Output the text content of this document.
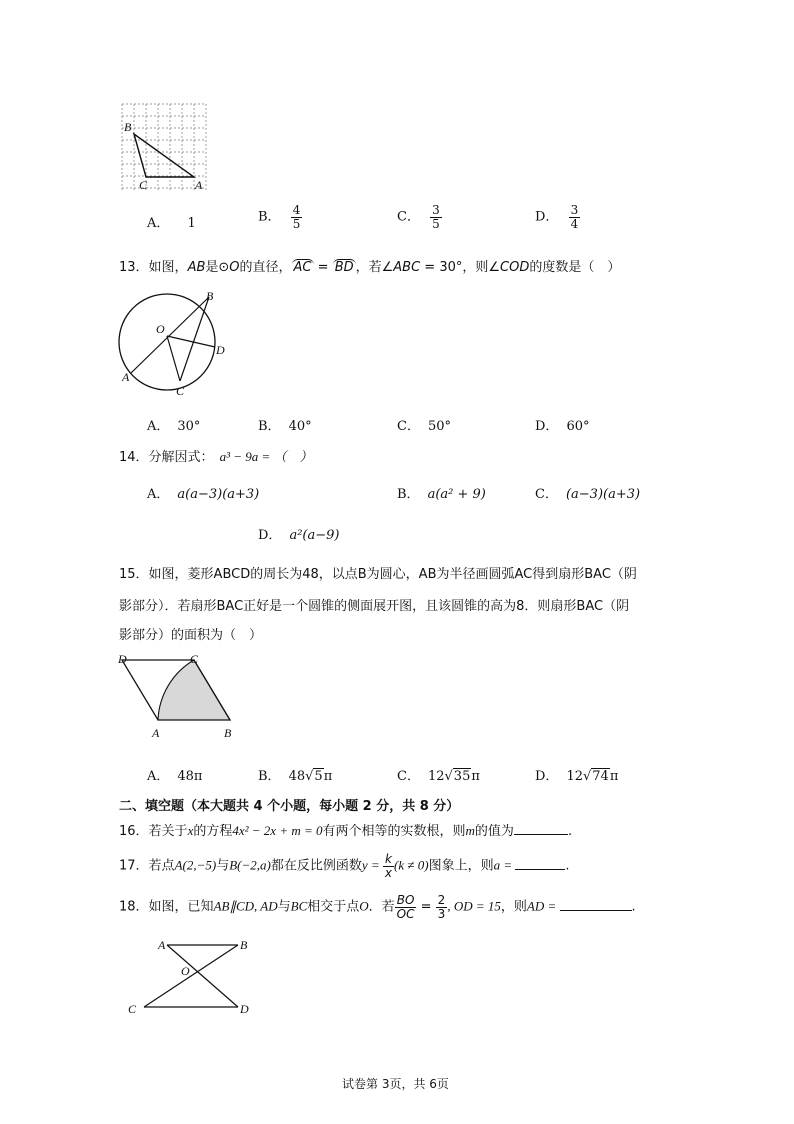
B
C	A
A． 1	B． $\frac{4}{5}$	C． $\frac{3}{5}$	D． $\frac{3}{4}$
13．如图，AB是⊙O的直径， AC = BD ，若∠ABC = 30°，则∠COD的度数是（　）
B
O
D
A
C
A． 30°	B． 40°	C． 50°	D． 60°
14．分解因式： a³ − 9a = （　）
A． a(a−3)(a+3)	B． a(a² + 9)	C． (a−3)(a+3)
D． a²(a−9)
15．如图，菱形ABCD的周长为48，以点B为圆心，AB为半径画圆弧AC得到扇形BAC（阴
影部分）．若扇形BAC正好是一个圆锥的侧面展开图，且该圆锥的高为8．则扇形BAC（阴
影部分）的面积为（　）
D	C
A	B
A． 48π	B． 48√5π	C． 12√35π	D． 12√74π
二、填空题（本大题共 4 个小题，每小题 2 分，共 8 分）
16．若关于x的方程4x² − 2x + m = 0有两个相等的实数根，则m的值为	.
17．若点A(2,−5)与B(−2,a)都在反比例函数$y = \frac{k}{x} (k \ne 0)$图象上，则a =	.
18．如图，已知AB∥CD, AD与BC相交于点O．若 $\frac{BO}{OC} = \frac{2}{3}$ , OD = 15，则AD =	.
A	B
O
C	D
试卷第 3页，共 6页
